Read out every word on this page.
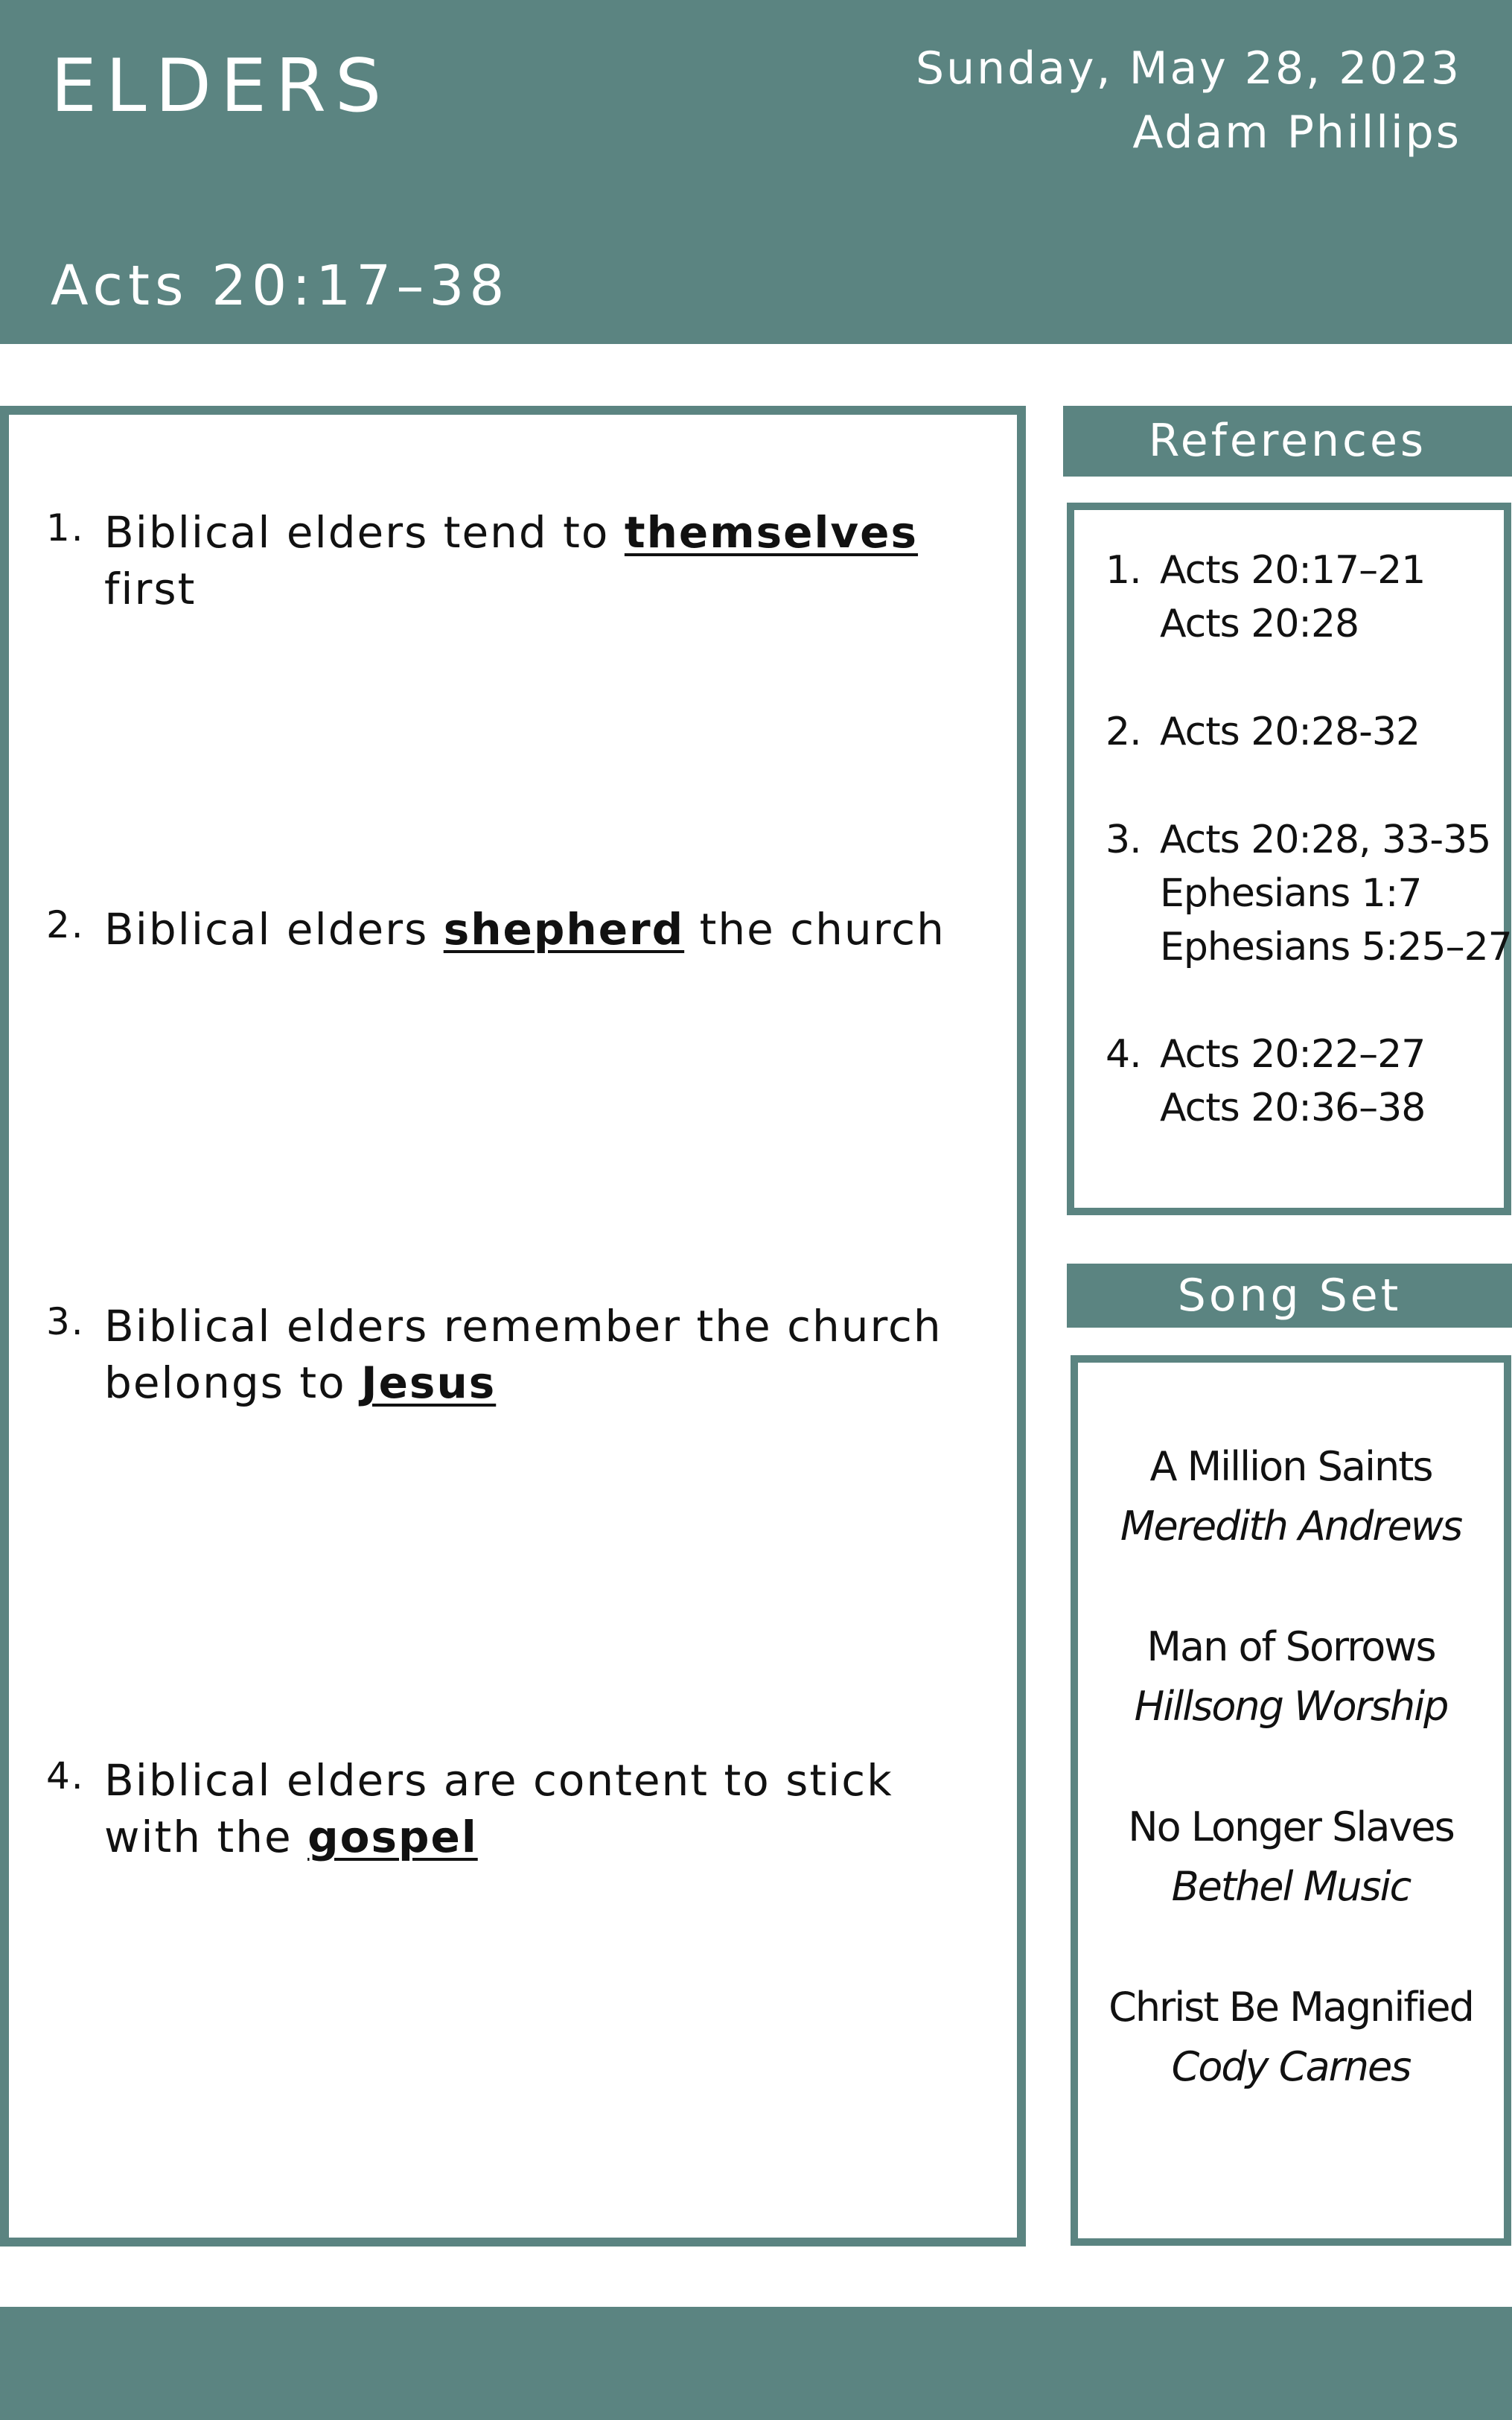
ELDERS	Sunday, May 28, 2023
Adam Phillips
Acts 20:17–38
1. Biblical elders tend to themselves first
2. Biblical elders shepherd the church
3. Biblical elders remember the church belongs to Jesus
4. Biblical elders are content to stick with the gospel
References
1. Acts 20:17–21
Acts 20:28
2. Acts 20:28-32
3. Acts 20:28, 33-35
Ephesians 1:7
Ephesians 5:25–27
4. Acts 20:22–27
Acts 20:36–38
Song Set
A Million Saints
Meredith Andrews
Man of Sorrows
Hillsong Worship
No Longer Slaves
Bethel Music
Christ Be Magnified
Cody Carnes
